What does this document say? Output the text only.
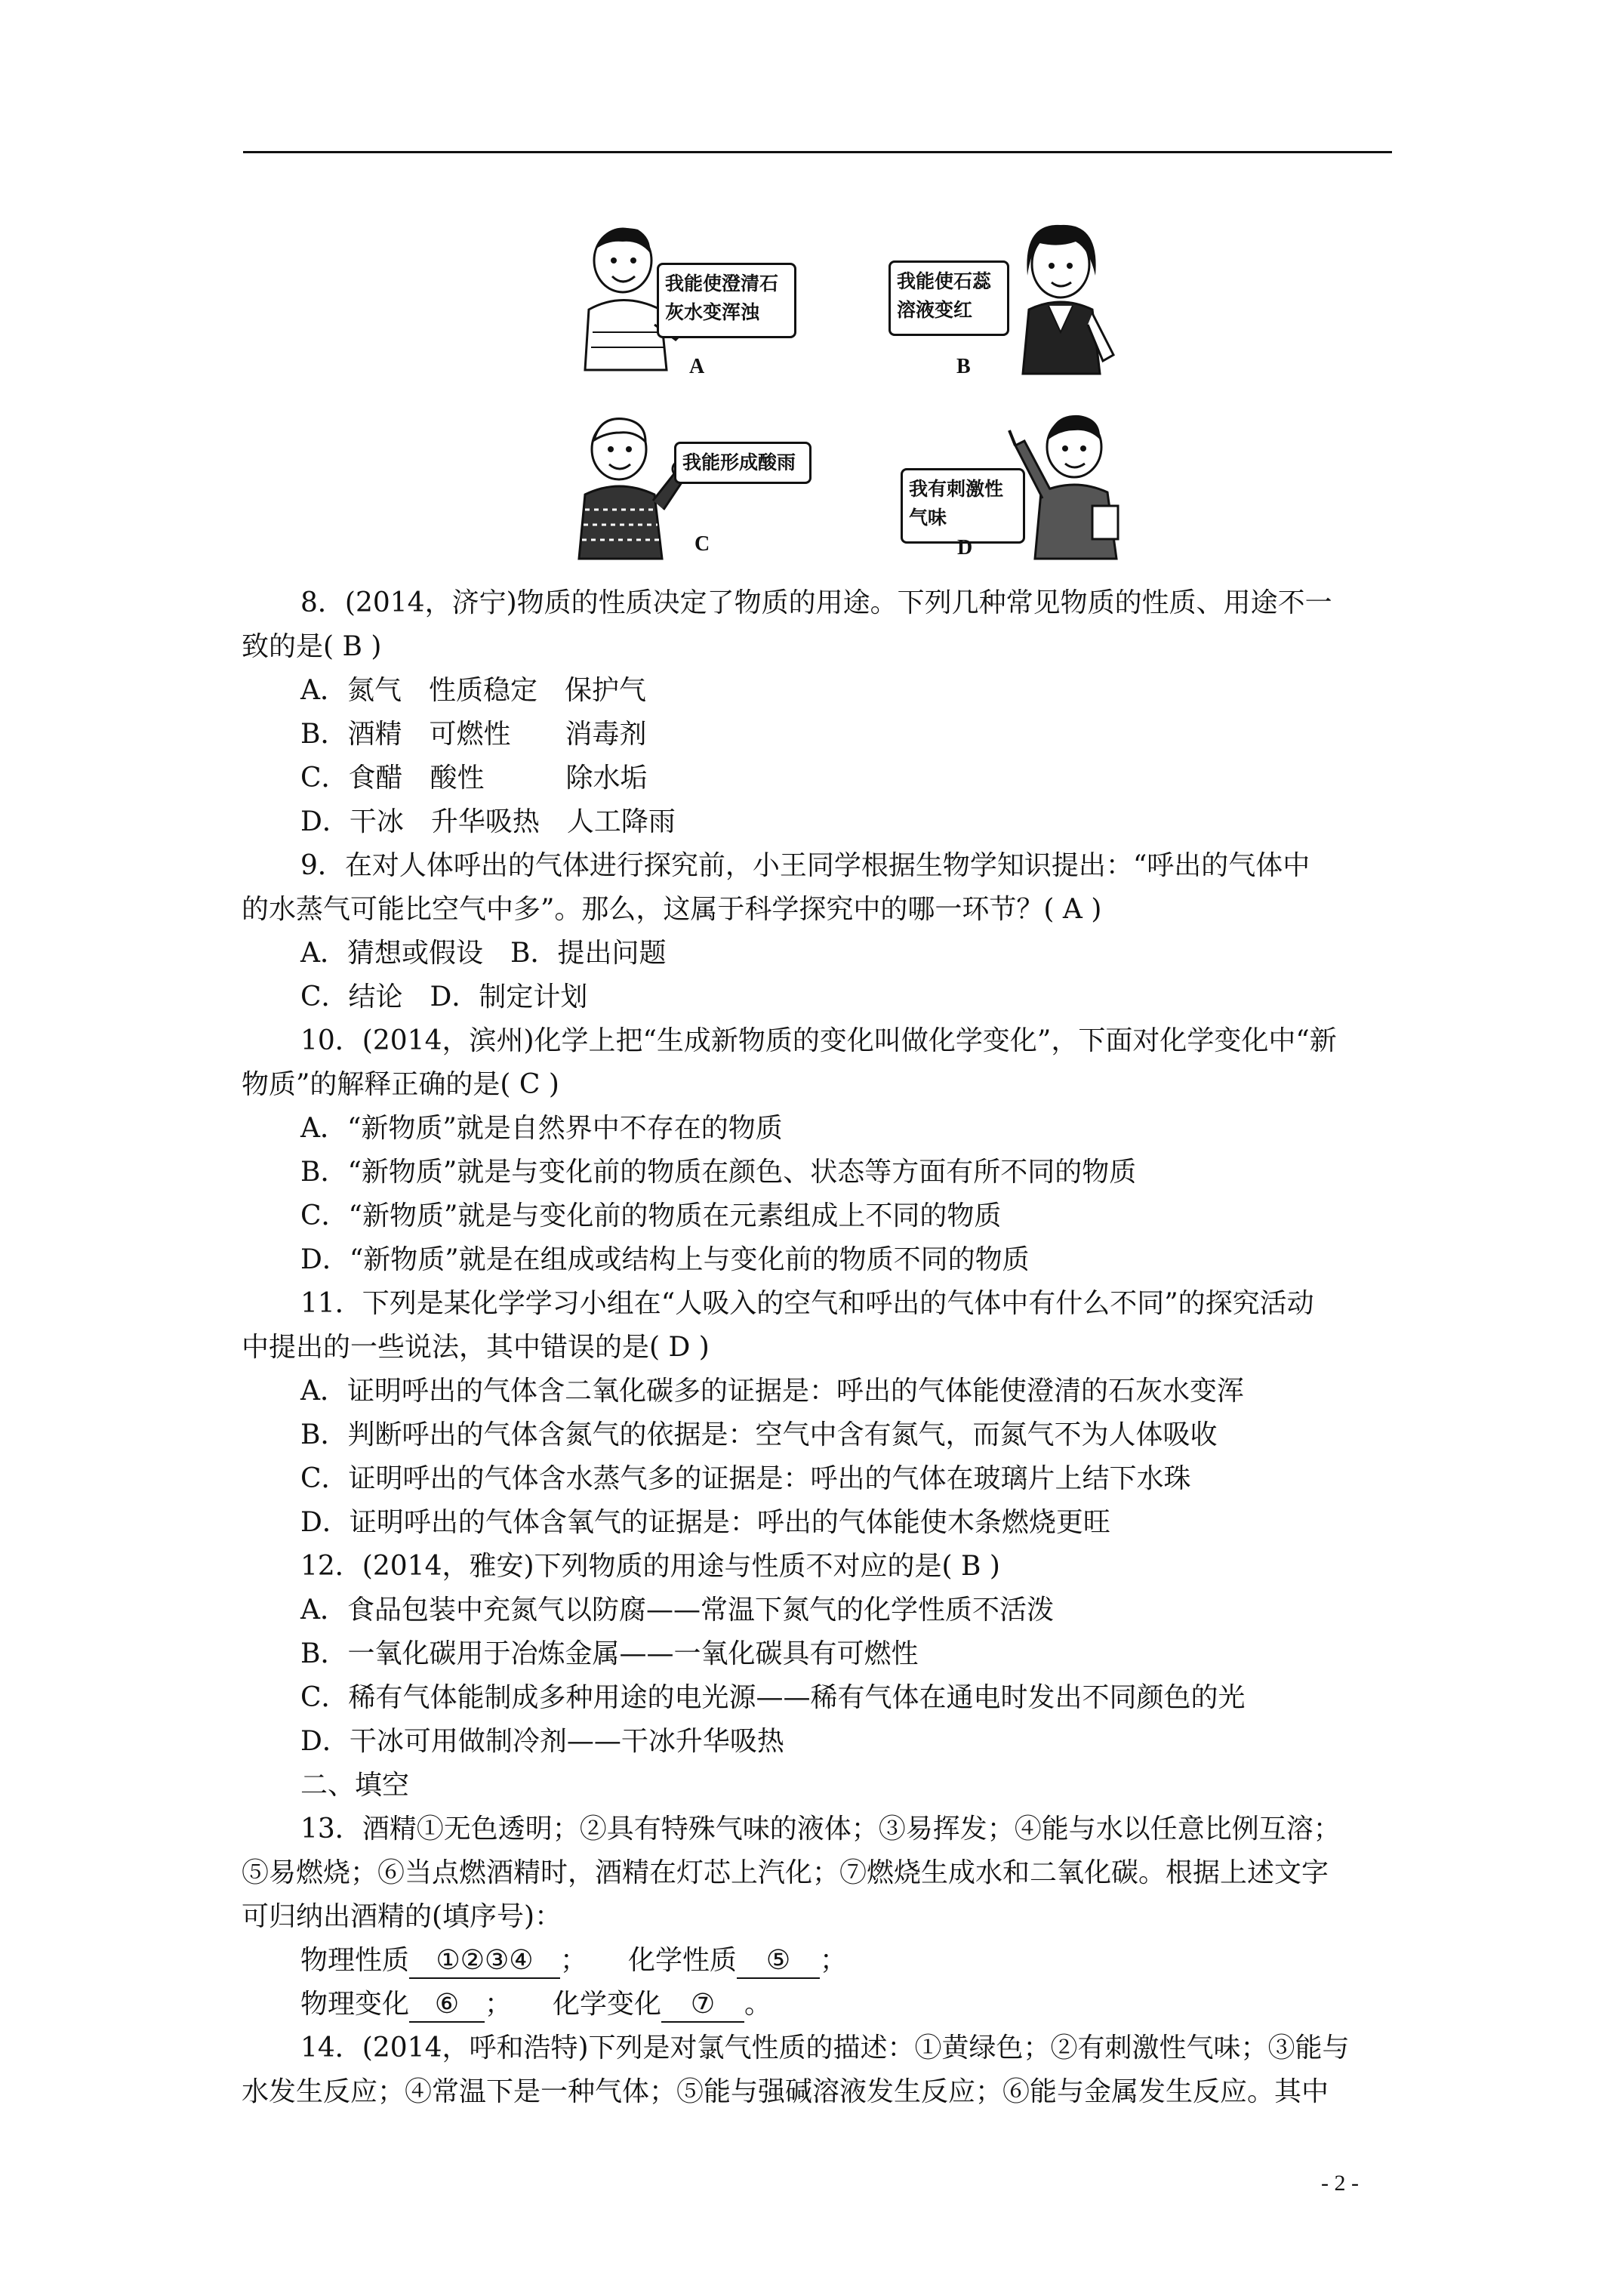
我能使澄清石
灰水变浑浊
A
我能使石蕊
溶液变红
B
我能形成酸雨
C
我有刺激性
气味
D

8．(2014，济宁)物质的性质决定了物质的用途。下列几种常见物质的性质、用途不一

致的是( B )

A．氮气　性质稳定　保护气

B．酒精　可燃性　　消毒剂

C．食醋　酸性　　　除水垢

D．干冰　升华吸热　人工降雨

9．在对人体呼出的气体进行探究前，小王同学根据生物学知识提出：“呼出的气体中

的水蒸气可能比空气中多”。那么，这属于科学探究中的哪一环节？( A )

A．猜想或假设　B．提出问题

C．结论　D．制定计划

10．(2014，滨州)化学上把“生成新物质的变化叫做化学变化”，下面对化学变化中“新

物质”的解释正确的是( C )

A．“新物质”就是自然界中不存在的物质

B．“新物质”就是与变化前的物质在颜色、状态等方面有所不同的物质

C．“新物质”就是与变化前的物质在元素组成上不同的物质

D．“新物质”就是在组成或结构上与变化前的物质不同的物质

11．下列是某化学学习小组在“人吸入的空气和呼出的气体中有什么不同”的探究活动

中提出的一些说法，其中错误的是( D )

A．证明呼出的气体含二氧化碳多的证据是：呼出的气体能使澄清的石灰水变浑

B．判断呼出的气体含氮气的依据是：空气中含有氮气，而氮气不为人体吸收

C．证明呼出的气体含水蒸气多的证据是：呼出的气体在玻璃片上结下水珠

D．证明呼出的气体含氧气的证据是：呼出的气体能使木条燃烧更旺

12．(2014，雅安)下列物质的用途与性质不对应的是( B )

A．食品包装中充氮气以防腐——常温下氮气的化学性质不活泼

B．一氧化碳用于冶炼金属——一氧化碳具有可燃性

C．稀有气体能制成多种用途的电光源——稀有气体在通电时发出不同颜色的光

D．干冰可用做制冷剂——干冰升华吸热

二、填空

13．酒精①无色透明；②具有特殊气味的液体；③易挥发；④能与水以任意比例互溶；

⑤易燃烧；⑥当点燃酒精时，酒精在灯芯上汽化；⑦燃烧生成水和二氧化碳。根据上述文字

可归纳出酒精的(填序号)：

物理性质 ①②③④ ；　　化学性质 ⑤ ；

物理变化 ⑥ ；　　化学变化 ⑦ 。

14．(2014，呼和浩特)下列是对氯气性质的描述：①黄绿色；②有刺激性气味；③能与

水发生反应；④常温下是一种气体；⑤能与强碱溶液发生反应；⑥能与金属发生反应。其中

- 2 -
